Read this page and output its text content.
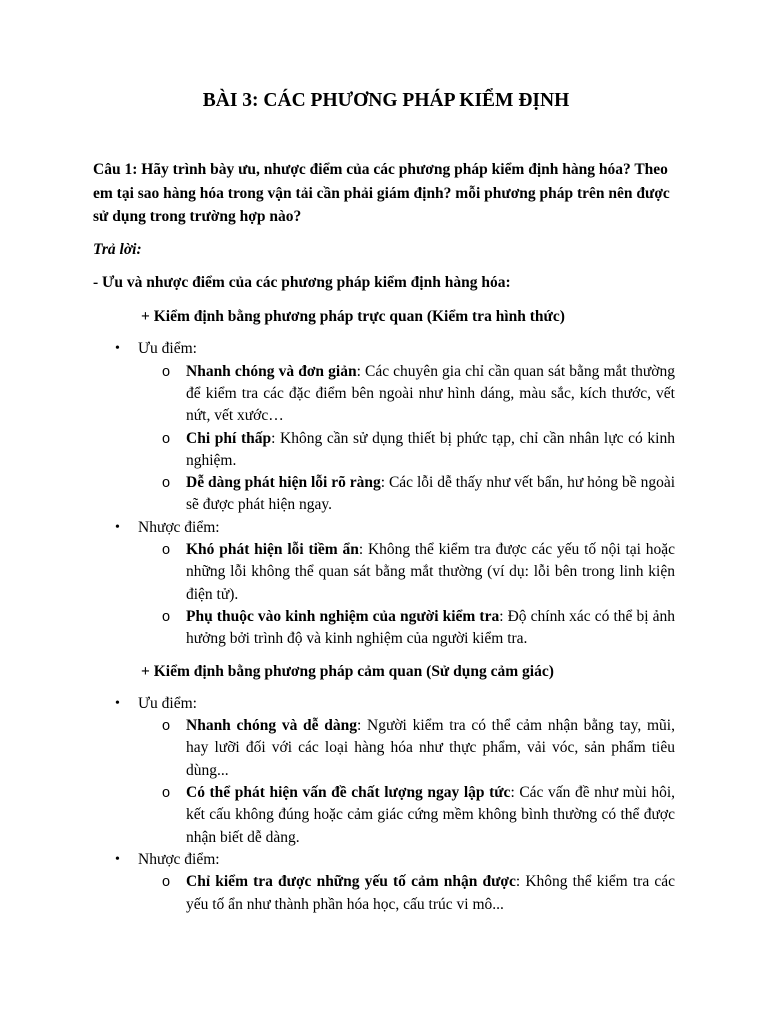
BÀI 3: CÁC PHƯƠNG PHÁP KIỂM ĐỊNH
Câu 1: Hãy trình bày ưu, nhược điểm của các phương pháp kiểm định hàng hóa? Theo em tại sao hàng hóa trong vận tải cần phải giám định? mỗi phương pháp trên nên được sử dụng trong trường hợp nào?
Trả lời:
- Ưu và nhược điểm của các phương pháp kiểm định hàng hóa:
+ Kiểm định bằng phương pháp trực quan (Kiểm tra hình thức)
• Ưu điểm:
o Nhanh chóng và đơn giản: Các chuyên gia chỉ cần quan sát bằng mắt thường để kiểm tra các đặc điểm bên ngoài như hình dáng, màu sắc, kích thước, vết nứt, vết xước…
o Chi phí thấp: Không cần sử dụng thiết bị phức tạp, chỉ cần nhân lực có kinh nghiệm.
o Dễ dàng phát hiện lỗi rõ ràng: Các lỗi dễ thấy như vết bẩn, hư hỏng bề ngoài sẽ được phát hiện ngay.
• Nhược điểm:
o Khó phát hiện lỗi tiềm ẩn: Không thể kiểm tra được các yếu tố nội tại hoặc những lỗi không thể quan sát bằng mắt thường (ví dụ: lỗi bên trong linh kiện điện tử).
o Phụ thuộc vào kinh nghiệm của người kiểm tra: Độ chính xác có thể bị ảnh hưởng bởi trình độ và kinh nghiệm của người kiểm tra.
+ Kiểm định bằng phương pháp cảm quan (Sử dụng cảm giác)
• Ưu điểm:
o Nhanh chóng và dễ dàng: Người kiểm tra có thể cảm nhận bằng tay, mũi, hay lưỡi đối với các loại hàng hóa như thực phẩm, vải vóc, sản phẩm tiêu dùng...
o Có thể phát hiện vấn đề chất lượng ngay lập tức: Các vấn đề như mùi hôi, kết cấu không đúng hoặc cảm giác cứng mềm không bình thường có thể được nhận biết dễ dàng.
• Nhược điểm:
o Chỉ kiểm tra được những yếu tố cảm nhận được: Không thể kiểm tra các yếu tố ẩn như thành phần hóa học, cấu trúc vi mô...
